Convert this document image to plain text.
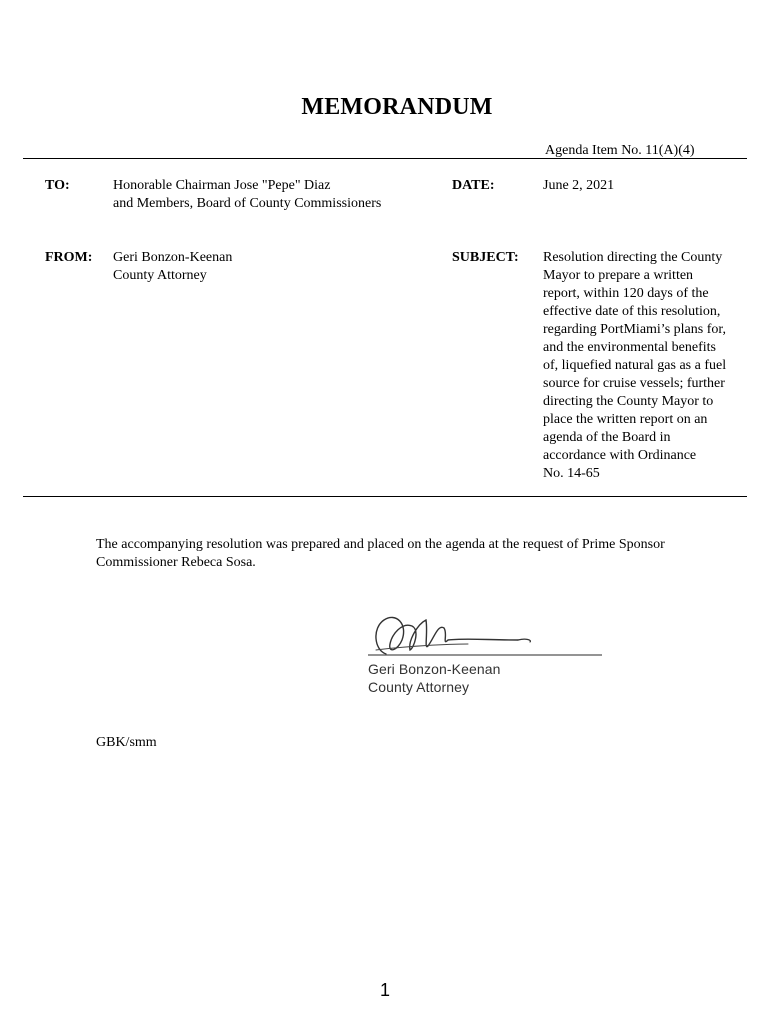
MEMORANDUM
Agenda Item No. 11(A)(4)
TO:	Honorable Chairman Jose "Pepe" Diaz
and Members, Board of County Commissioners
DATE:	June 2, 2021
FROM: Geri Bonzon-Keenan
County Attorney
SUBJECT: Resolution directing the County
Mayor to prepare a written
report, within 120 days of the
effective date of this resolution,
regarding PortMiami’s plans for,
and the environmental benefits
of, liquefied natural gas as a fuel
source for cruise vessels; further
directing the County Mayor to
place the written report on an
agenda of the Board in
accordance with Ordinance
No. 14-65
The accompanying resolution was prepared and placed on the agenda at the request of Prime Sponsor
Commissioner Rebeca Sosa.
Geri Bonzon-Keenan
County Attorney
GBK/smm
1
